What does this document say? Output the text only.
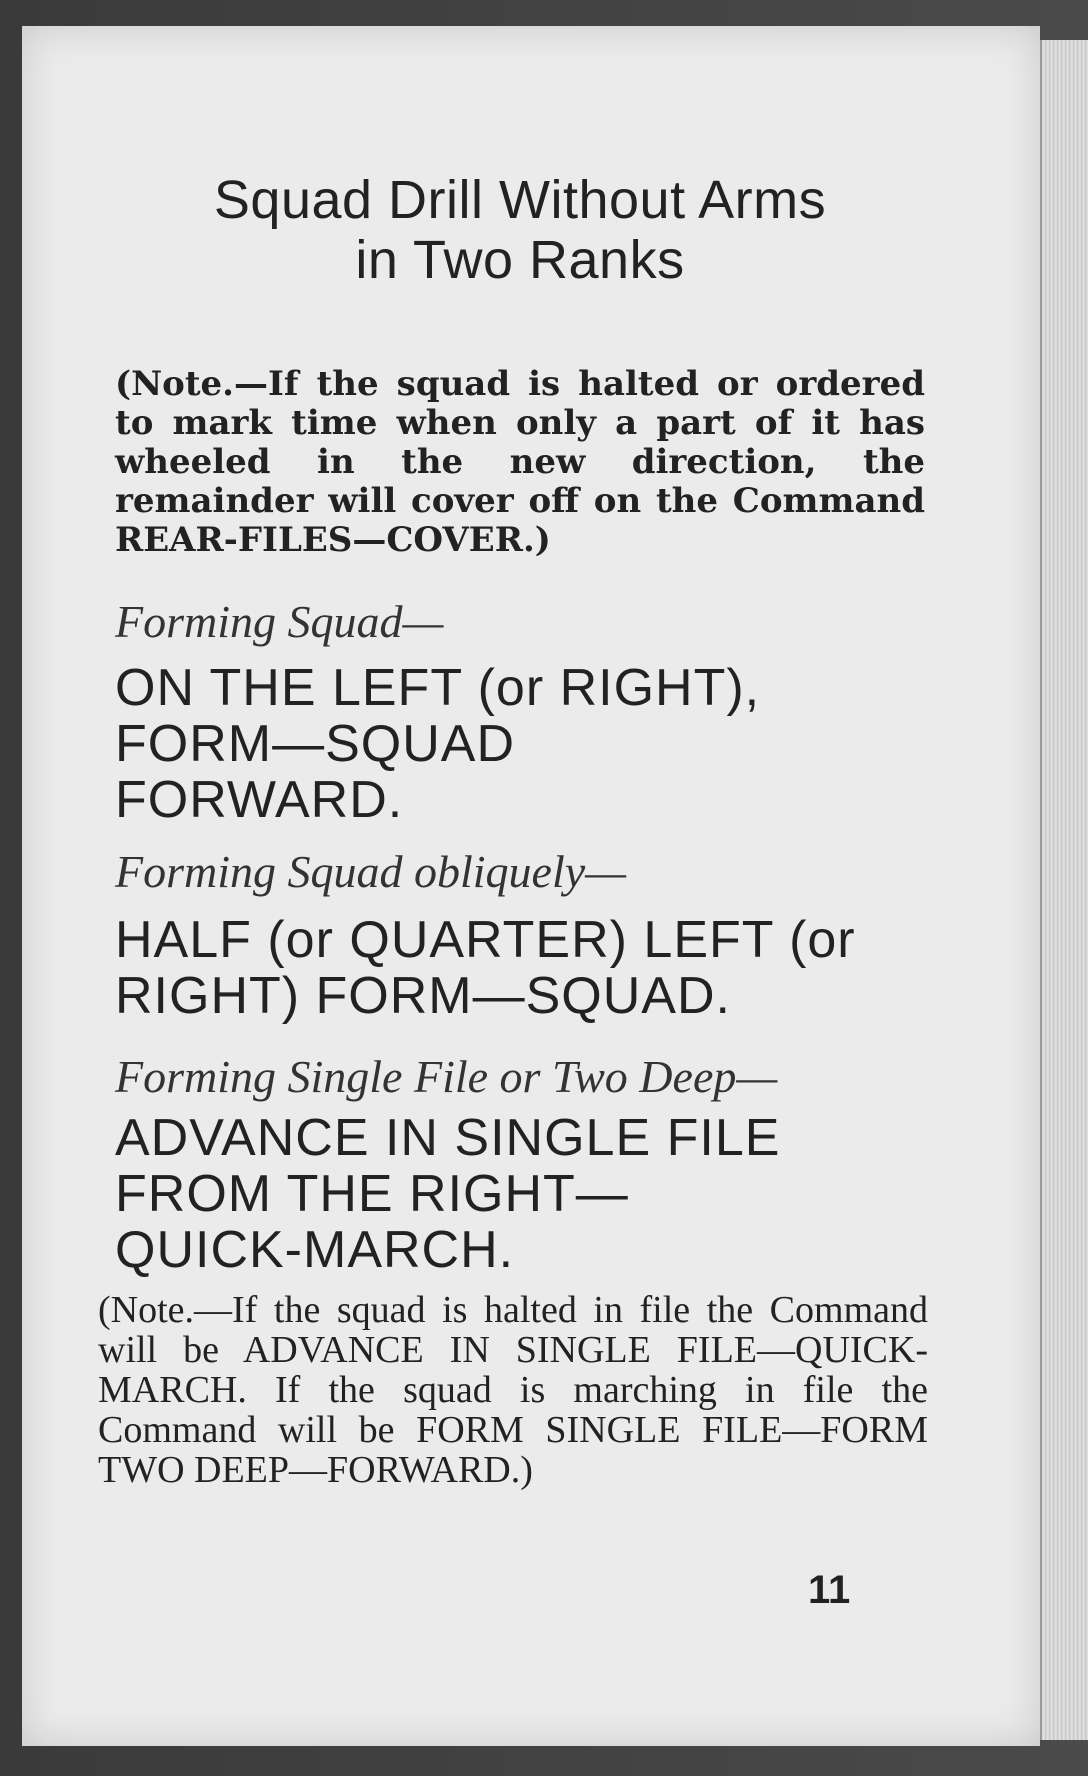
Squad Drill Without Arms
in Two Ranks
(Note.—If the squad is halted or ordered to mark time when only a part of it has wheeled in the new direction, the remainder will cover off on the Command REAR-FILES—COVER.)
Forming Squad—
ON THE LEFT (or RIGHT),
FORM—SQUAD
FORWARD.
Forming Squad obliquely—
HALF (or QUARTER) LEFT (or
RIGHT) FORM—SQUAD.
Forming Single File or Two Deep—
ADVANCE IN SINGLE FILE
FROM THE RIGHT—
QUICK-MARCH.
(Note.—If the squad is halted in file the Command will be ADVANCE IN SINGLE FILE—QUICK-MARCH. If the squad is marching in file the Command will be FORM SINGLE FILE—FORM TWO DEEP—FORWARD.)
11
